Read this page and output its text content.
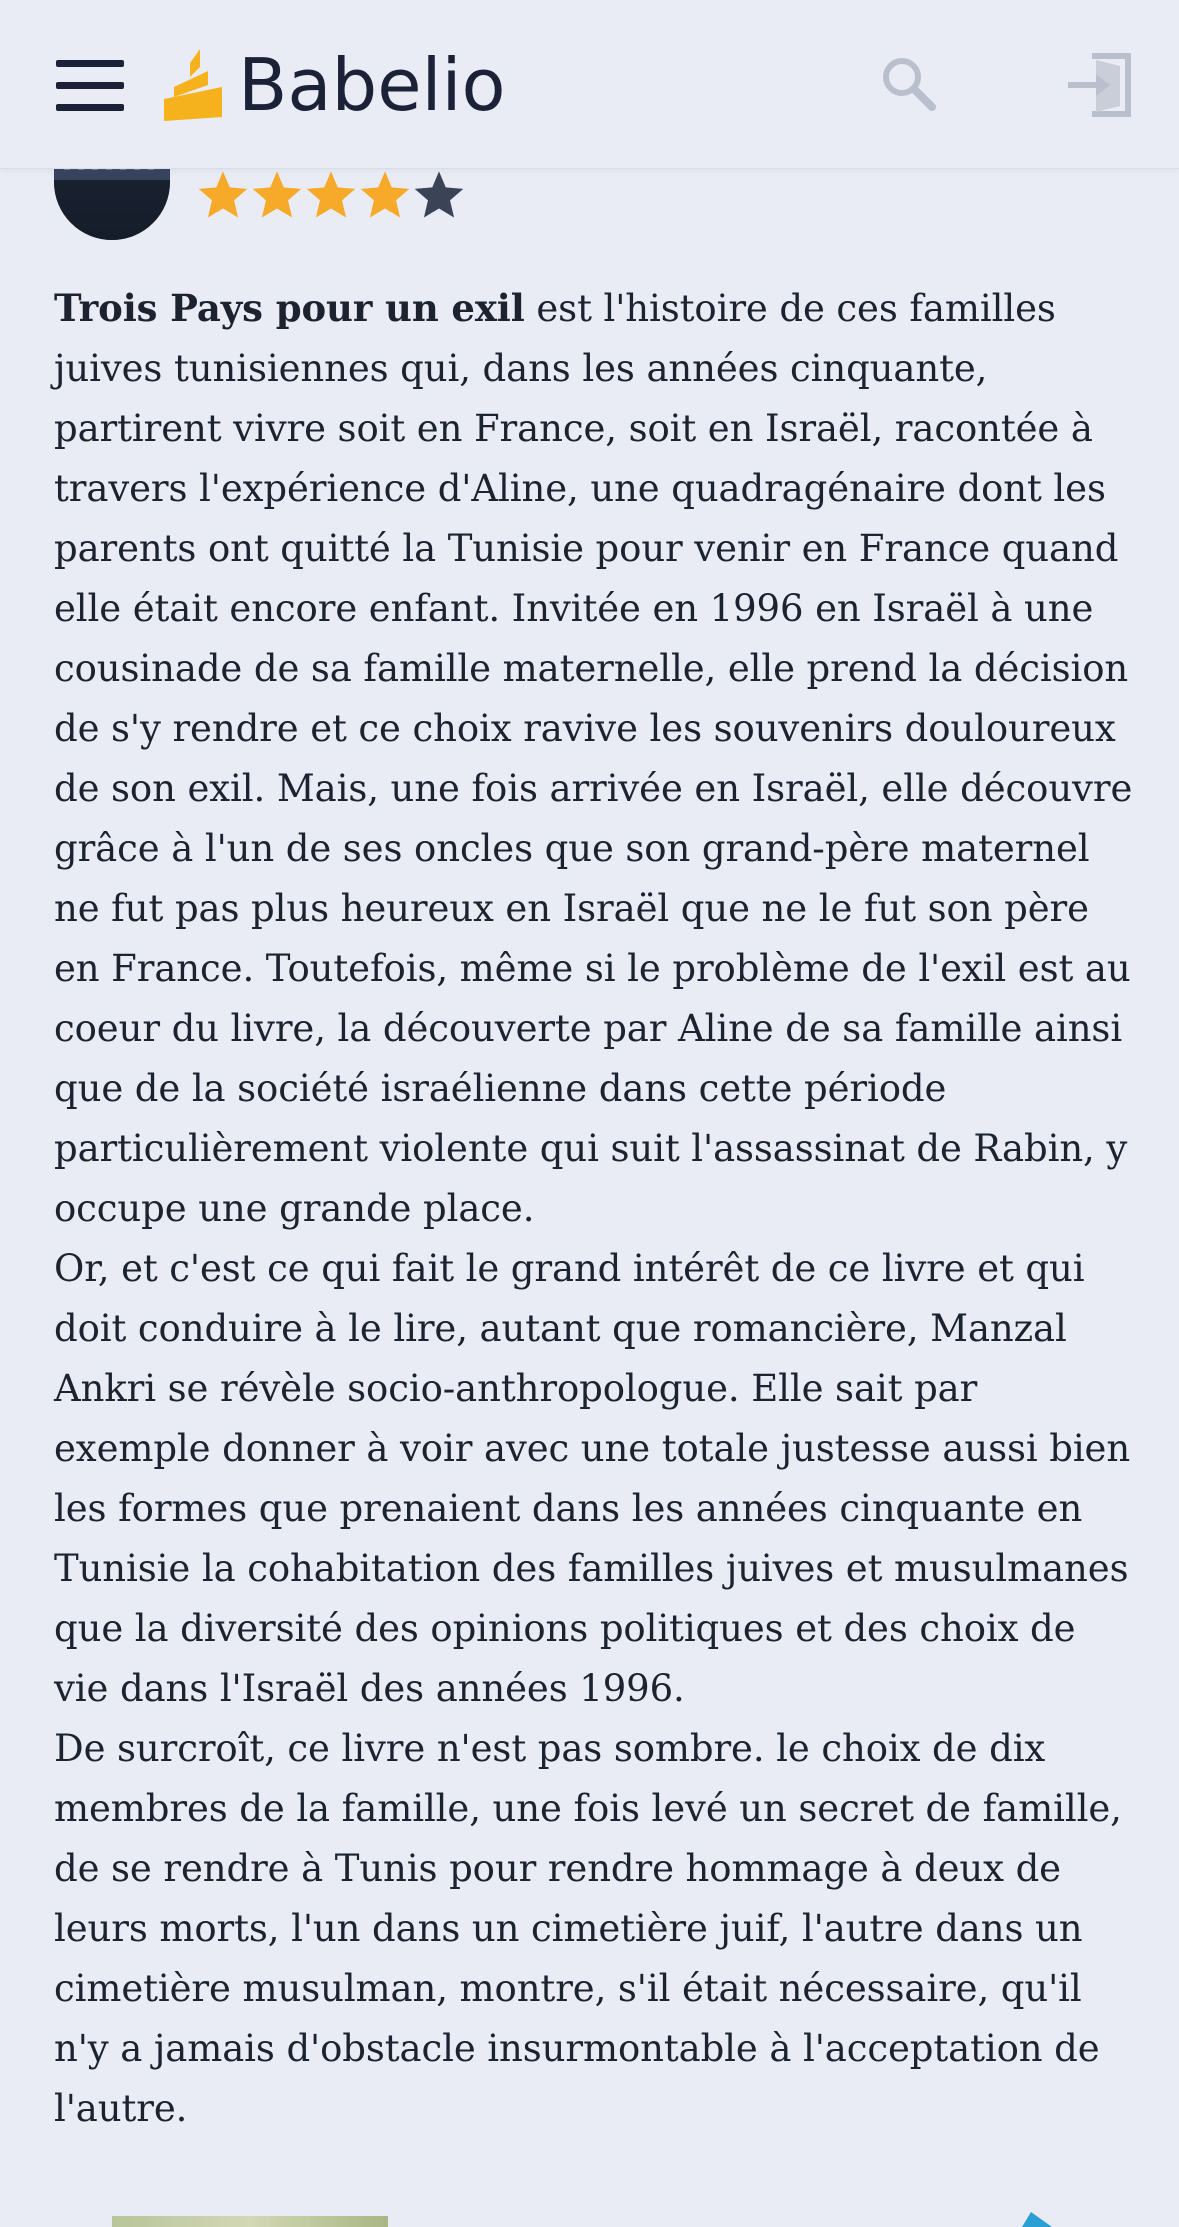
Babelio

Trois Pays pour un exil est l'histoire de ces familles juives tunisiennes qui, dans les années cinquante, partirent vivre soit en France, soit en Israël, racontée à travers l'expérience d'Aline, une quadragénaire dont les parents ont quitté la Tunisie pour venir en France quand elle était encore enfant. Invitée en 1996 en Israël à une cousinade de sa famille maternelle, elle prend la décision de s'y rendre et ce choix ravive les souvenirs douloureux de son exil. Mais, une fois arrivée en Israël, elle découvre grâce à l'un de ses oncles que son grand-père maternel ne fut pas plus heureux en Israël que ne le fut son père en France. Toutefois, même si le problème de l'exil est au coeur du livre, la découverte par Aline de sa famille ainsi que de la société israélienne dans cette période particulièrement violente qui suit l'assassinat de Rabin, y occupe une grande place.

Or, et c'est ce qui fait le grand intérêt de ce livre et qui doit conduire à le lire, autant que romancière, Manzal Ankri se révèle socio-anthropologue. Elle sait par exemple donner à voir avec une totale justesse aussi bien les formes que prenaient dans les années cinquante en Tunisie la cohabitation des familles juives et musulmanes que la diversité des opinions politiques et des choix de vie dans l'Israël des années 1996.

De surcroît, ce livre n'est pas sombre. le choix de dix membres de la famille, une fois levé un secret de famille, de se rendre à Tunis pour rendre hommage à deux de leurs morts, l'un dans un cimetière juif, l'autre dans un cimetière musulman, montre, s'il était nécessaire, qu'il n'y a jamais d'obstacle insurmontable à l'acceptation de l'autre.
